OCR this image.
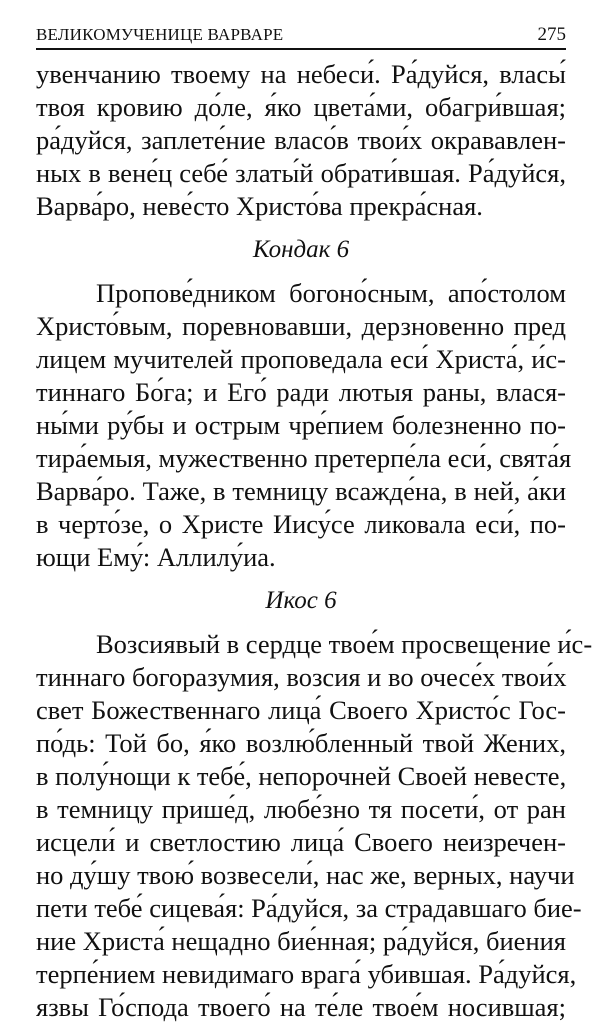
ВЕЛИКОМУЧЕНИЦЕ ВАРВАРЕ	275
увенчанию твоему на небеси́. Ра́дуйся, власы́
твоя кровию до́ле, я́ко цвета́ми, обагри́вшая;
ра́дуйся, заплете́ние власо́в твои́х окрававлен-
ных в вене́ц себе́ златы́й обрати́вшая. Ра́дуйся,
Варва́ро, неве́сто Христо́ва прекра́сная.
Кондак 6
Пропове́дником богоно́сным, апо́столом
Христо́вым, поревновавши, дерзновенно пред
лицем мучителей проповедала еси́ Христа́, и́с-
тиннаго Бо́га; и Его́ ради лютыя раны, влася-
ны́ми ру́бы и острым чре́пием болезненно по-
тира́емыя, мужественно претерпе́ла еси́, свята́я
Варва́ро. Таже, в темницу всажде́на, в ней, а́ки
в черто́зе, о Христе Иису́се ликовала еси́, по-
ющи Ему́: Аллилу́иа.
Икос 6
Возсиявый в сердце твое́м просвещение и́с-
тиннаго богоразумия, возсия и во очесе́х твои́х
свет Божественнаго лица́ Своего Христо́с Гос-
по́дь: Той бо, я́ко возлю́бленный твой Жених,
в полу́нощи к тебе́, непорочней Своей невесте,
в темницу прише́д, любе́зно тя посети́, от ран
исцели́ и светлостию лица́ Своего неизречен-
но ду́шу твою́ возвесели́, нас же, верных, научи
пети тебе́ сицева́я: Ра́дуйся, за страдавшаго бие-
ние Христа́ нещадно бие́нная; ра́дуйся, биения
терпе́нием невидимаго врага́ убившая. Ра́дуйся,
язвы Го́спода твоего́ на те́ле твое́м носившая;
